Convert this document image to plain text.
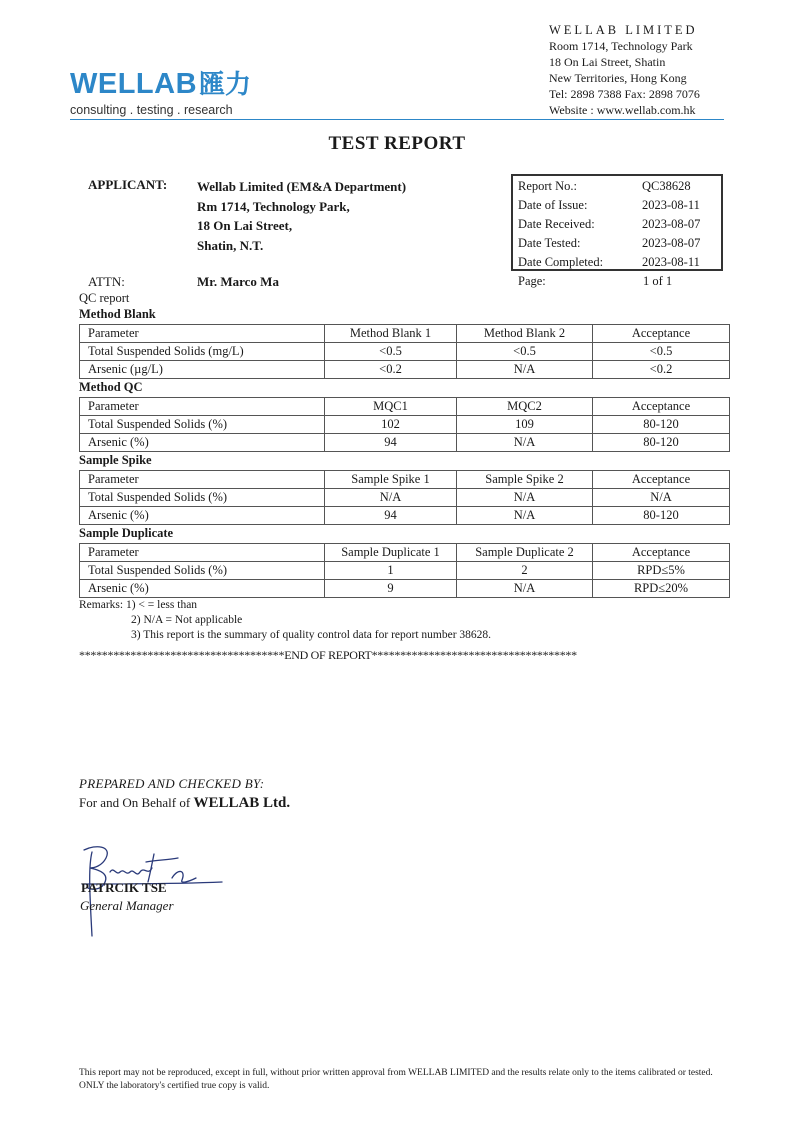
WELLAB匯力
consulting . testing . research
WELLAB LIMITED
Room 1714, Technology Park
18 On Lai Street, Shatin
New Territories, Hong Kong
Tel: 2898 7388 Fax: 2898 7076
Website : www.wellab.com.hk
TEST REPORT
APPLICANT: Wellab Limited (EM&A Department)
Rm 1714, Technology Park,
18 On Lai Street,
Shatin, N.T.
ATTN:	Mr. Marco Ma
Report No.:	QC38628
Date of Issue:	2023-08-11
Date Received:	2023-08-07
Date Tested:	2023-08-07
Date Completed:	2023-08-11
Page:	1 of 1
QC report
Method Blank
Parameter	Method Blank 1	Method Blank 2	Acceptance
Total Suspended Solids (mg/L)	<0.5	<0.5	<0.5
Arsenic (µg/L)	<0.2	N/A	<0.2
Method QC
Parameter	MQC1	MQC2	Acceptance
Total Suspended Solids (%)	102	109	80-120
Arsenic (%)	94	N/A	80-120
Sample Spike
Parameter	Sample Spike 1	Sample Spike 2	Acceptance
Total Suspended Solids (%)	N/A	N/A	N/A
Arsenic (%)	94	N/A	80-120
Sample Duplicate
Parameter	Sample Duplicate 1	Sample Duplicate 2	Acceptance
Total Suspended Solids (%)	1	2	RPD≤5%
Arsenic (%)	9	N/A	RPD≤20%
Remarks: 1) < = less than
2) N/A = Not applicable
3) This report is the summary of quality control data for report number 38628.
************************************END OF REPORT************************************
PREPARED AND CHECKED BY:
For and On Behalf of WELLAB Ltd.
PATRCIK TSE
General Manager
This report may not be reproduced, except in full, without prior written approval from WELLAB LIMITED and the results relate only to the items calibrated or tested. ONLY the laboratory's certified true copy is valid.
